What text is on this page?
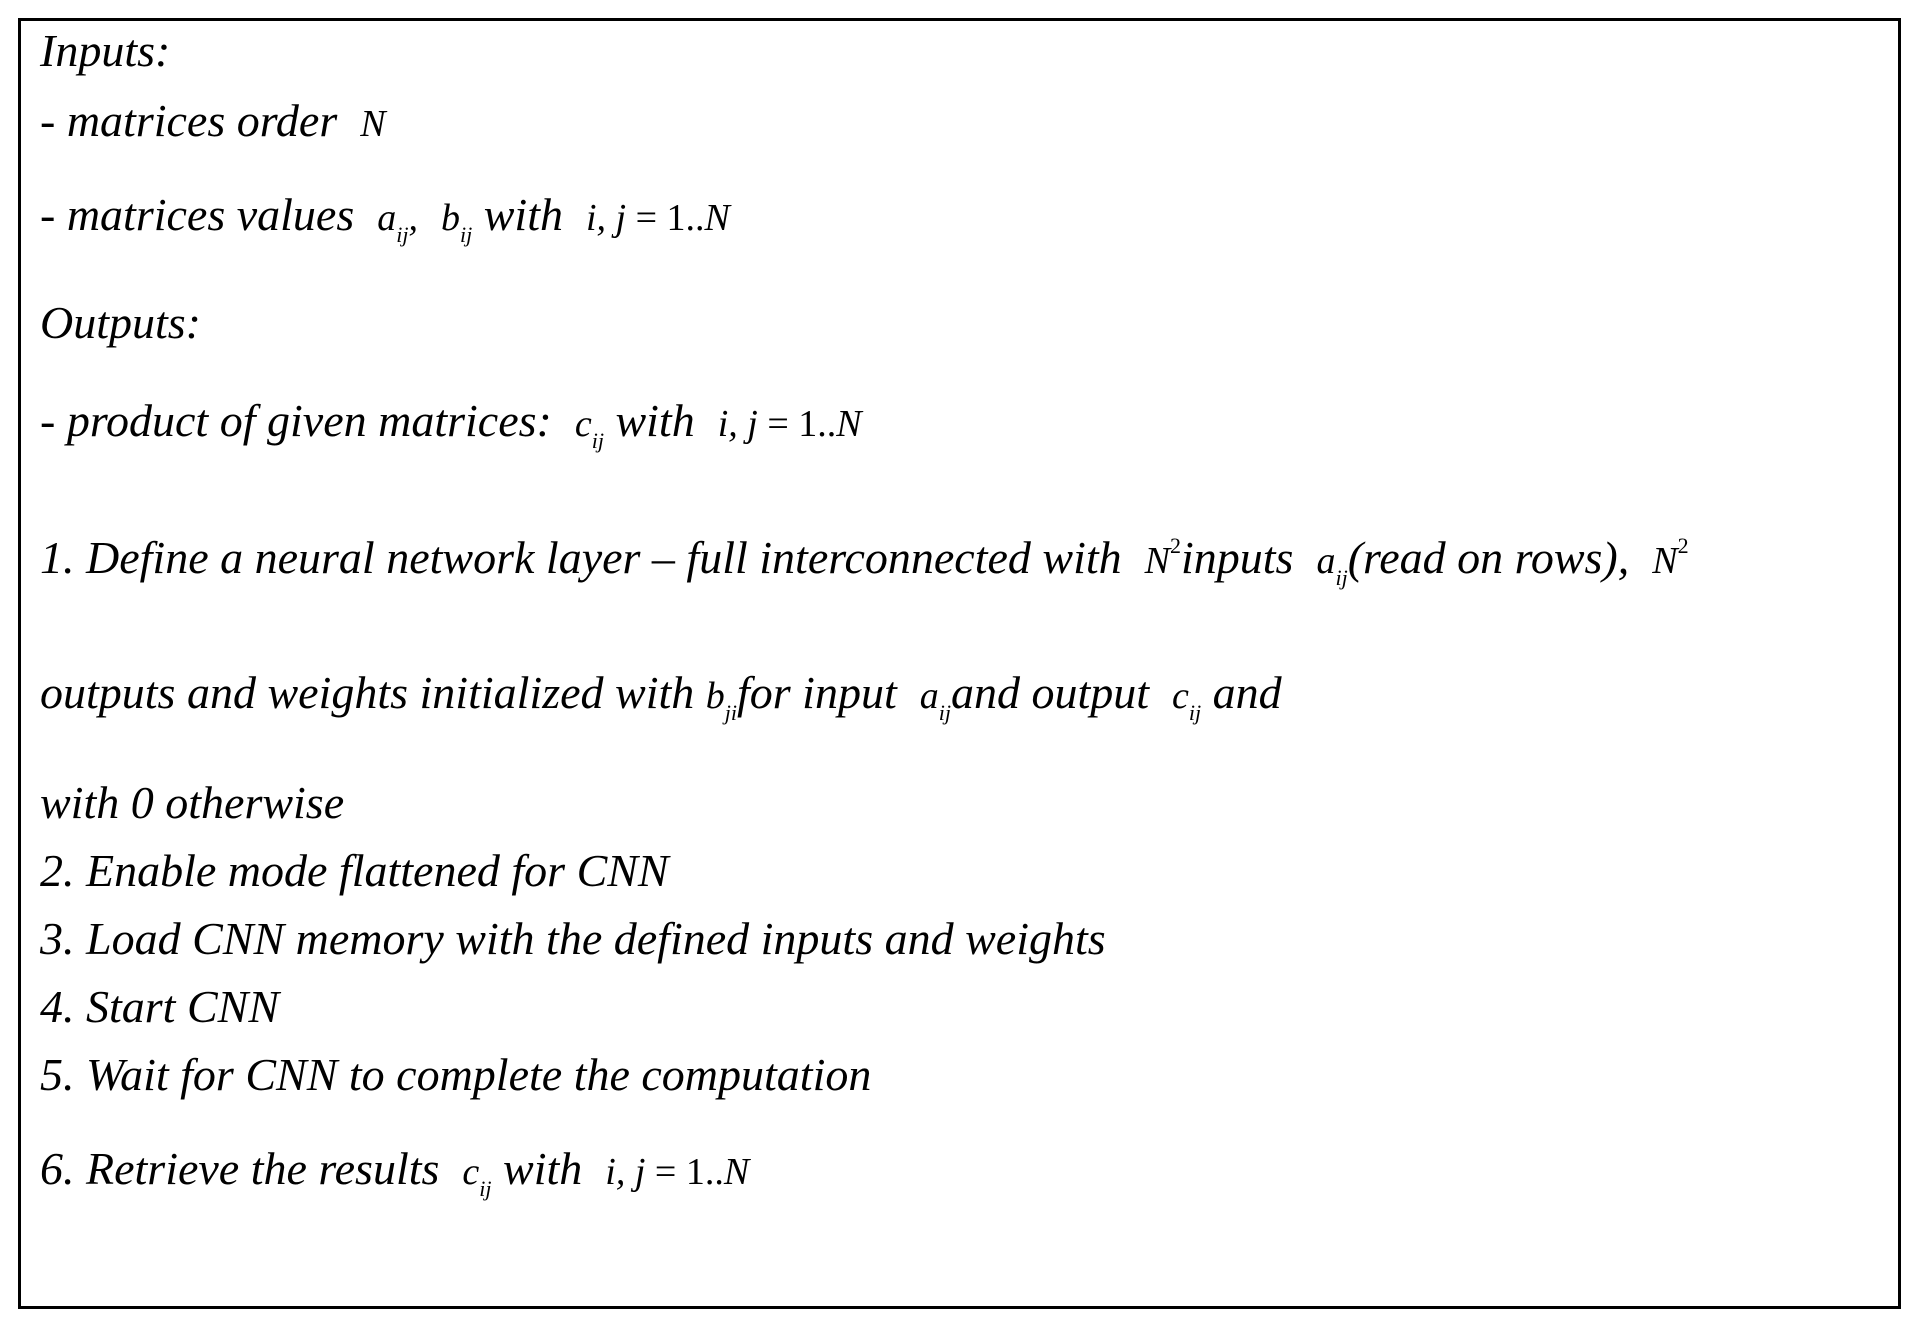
Inputs:
- matrices order N
- matrices values $a_{ij}$, $b_{ij}$ with i, j = 1..N
Outputs:
- product of given matrices: $c_{ij}$ with i, j = 1..N
1. Define a neural network layer – full interconnected with $N^2inputs$ $a_{ij}(read$ on rows), $N^2$
outputs and weights initialized with $b_{ji}for$ input $a_{ij}and$ output $c_{ij}$ and
with 0 otherwise
2. Enable mode flattened for CNN
3. Load CNN memory with the defined inputs and weights
4. Start CNN
5. Wait for CNN to complete the computation
6. Retrieve the results $c_{ij}$ with i, j = 1..N
